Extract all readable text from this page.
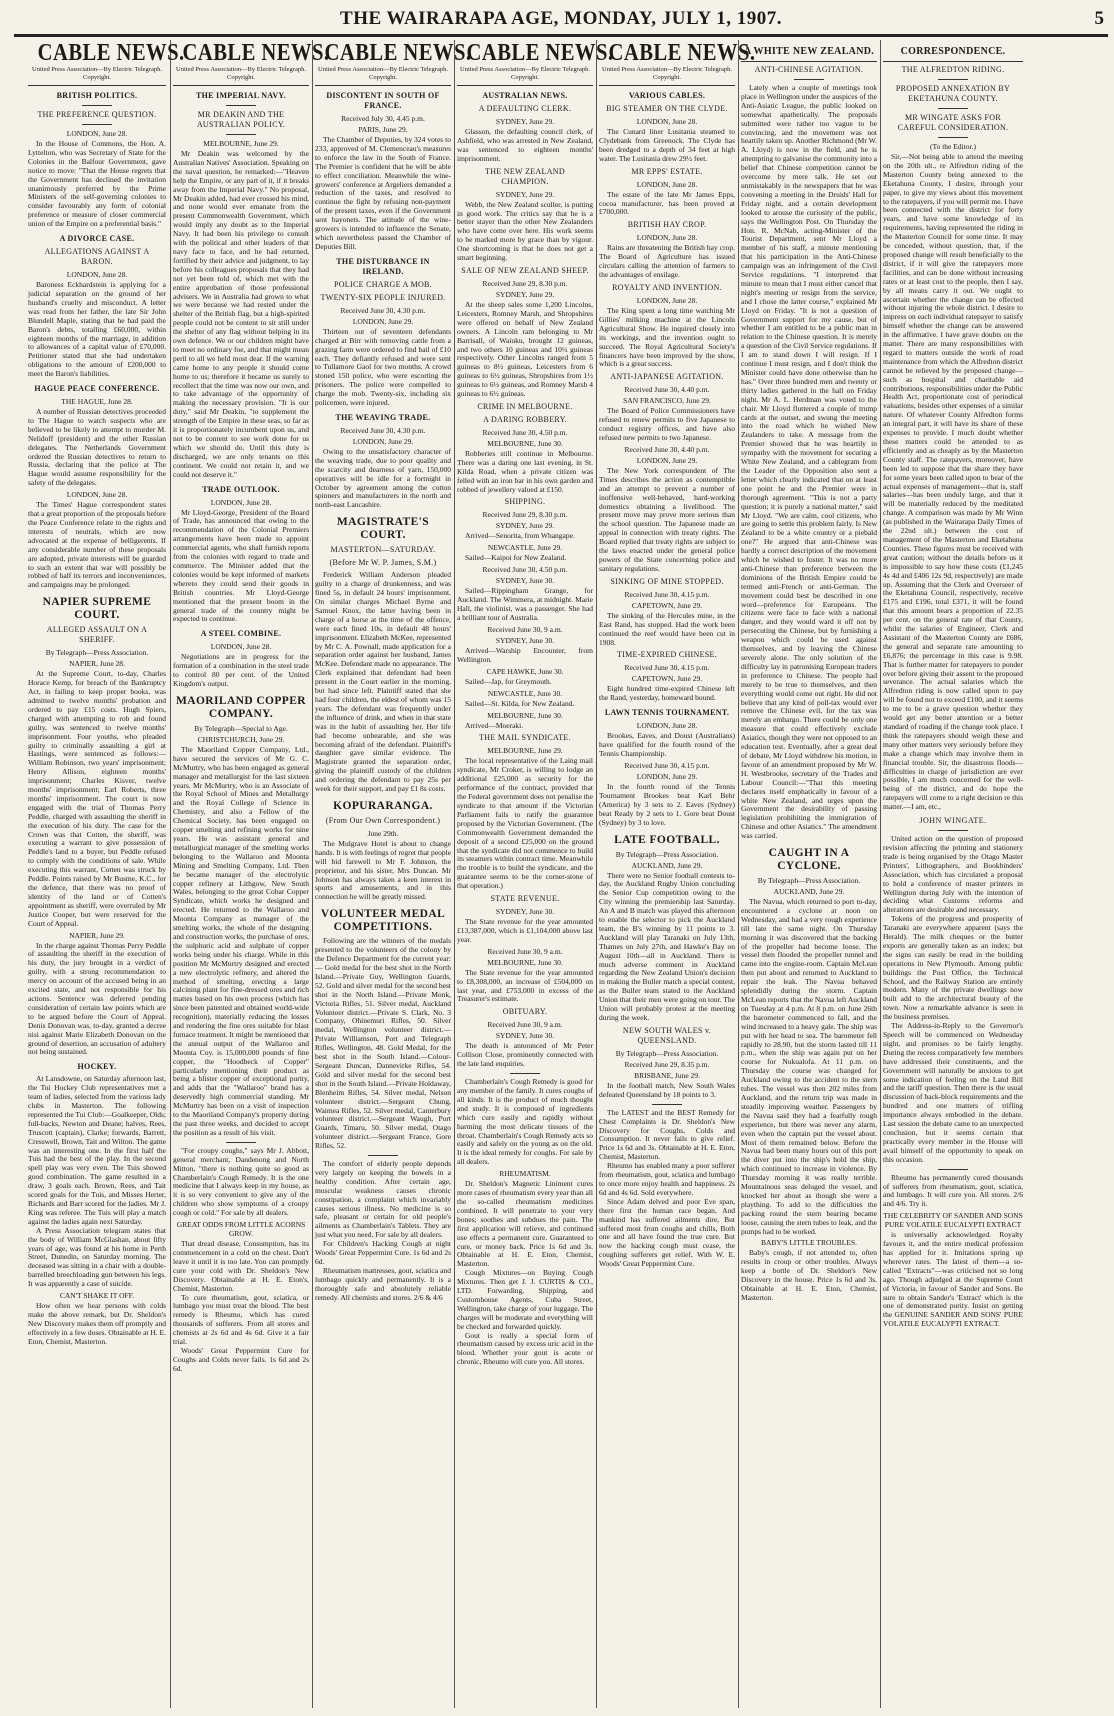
THE WAIRARAPA AGE, MONDAY, JULY 1, 1907.	5
CABLE NEWS.
United Press Association—By Electric Telegraph. Copyright.
BRITISH POLITICS.
THE PREFERENCE QUESTION.
LONDON, June 28.

In the House of Commons, the Hon. A. Lyttelton, who was Secretary of State for the Colonies in the Balfour Government, gave notice to move: "That the House regrets that the Government has declined the invitation unanimously preferred by the Prime Ministers of the self-governing colonies to consider favourably any form of colonial preference or measure of closer commercial union of the Empire on a preferential basis."

A DIVORCE CASE.
ALLEGATIONS AGAINST A BARON.
LONDON, June 28.

Baroness Eckhardstein is applying for a judicial separation on the ground of her husband's cruelty and misconduct. A letter was read from her father, the late Sir John Blundell Maple, stating that he had paid the Baron's debts, totalling £60,000, within eighteen months of the marriage, in addition to allowances of a capital value of £70,000. Petitioner stated that she had undertaken obligations to the amount of £200,000 to meet the Baron's liabilities.

HAGUE PEACE CONFERENCE.
THE HAGUE, June 28.

A number of Russian detectives proceeded to The Hague to watch suspects who are believed to be likely to attempt to murder M. Nelidoff (president) and the other Russian delegates. The Netherlands Government ordered the Russian detectives to return to Russia, declaring that the police at The Hague would assume responsibility for the safety of the delegates.

LONDON, June 28.

The Times' Hague correspondent states that a great proportion of the proposals before the Peace Conference relate to the rights and interests of neutrals, which are now advocated at the expense of belligerents. If any considerable number of these proposals are adopted, private interests will be guarded to such an extent that war will possibly be robbed of half its terrors and inconveniences, and campaigns may be prolonged.

NAPIER SUPREME COURT.
ALLEGED ASSAULT ON A SHERIFF.
By Telegraph—Press Association.
NAPIER, June 28.

At the Supreme Court, to-day, Charles Horace Kemp, for breach of the Bankruptcy Act, in failing to keep proper books, was admitted to twelve months' probation and ordered to pay £15 costs. Hugh Spiers, charged with attempting to rob and found guilty, was sentenced to twelve months' imprisonment. Four youths, who pleaded guilty to criminally assaulting a girl at Hastings, were sentenced as follows:—William Robinson, two years' imprisonment; Henry Allison, eighteen months' imprisonment; Charles Kisver, twelve months' imprisonment; Earl Roberts, three months' imprisonment. The court is now engaged with the trial of Thomas Perry Peddle, charged with assaulting the sheriff in the execution of his duty. The case for the Crown was that Cotten, the sheriff, was executing a warrant to give possession of Peddle's land to a buyer, but Peddle refused to comply with the conditions of sale. While executing this warrant, Cotten was struck by Peddle. Points raised by Mr Busme, K.C., for the defence, that there was no proof of identity of the land or of Cotten's appointment as sheriff, were overruled by Mr Justice Cooper, but were reserved for the Court of Appeal.

NAPIER, June 29.

In the charge against Thomas Perry Peddle of assaulting the sheriff in the execution of his duty, the jury brought in a verdict of guilty, with a strong recommendation to mercy on account of the accused being in an excited state, and not responsible for his actions. Sentence was deferred pending consideration of certain law points which are to be argued before the Court of Appeal. Denis Donovan was, to-day, granted a decree nisi against Marie Elizabeth Donovan on the ground of desertion, an accusation of adultery not being sustained.

HOCKEY.

At Lansdowne, on Saturday afternoon last, the Tui Hockey Club representatives met a team of ladies, selected from the various lady clubs in Masterton. The following represented the Tui Club:—Goalkeeper, Olds; full-backs, Newton and Deane; halves, Rees, Truscott (captain), Clarke; forwards, Barrett, Cresswell, Brown, Tait and Wilton. The game was an interesting one. In the first half the Tuis had the best of the play. In the second spell play was very even. The Tuis showed good combination. The game resulted in a draw, 3 goals each. Brown, Rees, and Tait scored goals for the Tuis, and Misses Herter, Richards and Barr scored for the ladies. Mr J. King was referee. The Tuis will play a match against the ladies again next Saturday.

A Press Association telegram states that the body of William McGlashan, about fifty years of age, was found at his home in Perth Street, Dunedin, on Saturday morning. The deceased was sitting in a chair with a double-barrelled breechloading gun between his legs. It was apparently a case of suicide.

CAN'T SHAKE IT OFF.

How often we hear persons with colds make the above remark, but Dr. Sheldon's New Discovery makes them off promptly and effectively in a few doses. Obtainable at H. E. Eton, Chemist, Masterton.

CABLE NEWS.
United Press Association—By Electric Telegraph. Copyright.
THE IMPERIAL NAVY.
MR DEAKIN AND THE AUSTRALIAN POLICY.
MELBOURNE, June 29.

Mr Deakin was welcomed by the Australian Natives' Association. Speaking on the naval question, he remarked:—"Heaven help the Empire, or any part of it, if it breaks away from the Imperial Navy." No proposal, Mr Deakin added, had ever crossed his mind, and none would ever emanate from the present Commonwealth Government, which would imply any doubt as to the Imperial Navy. It had been his privilege to consult with the political and other leaders of that navy face to face, and he had returned, fortified by their advice and judgment, to lay before his colleagues proposals that they had not yet been told of, which met with the entire approbation of those professional advisers. We in Australia had grown to what we were because we had rested under the shelter of the British flag, but a high-spirited people could not be content to sit still under the shelter of any flag without helping in its own defence. We or our children might have to meet no ordinary foe, and that might mean peril to all we held most dear. If the warning came home to any people it should come home to us; therefore it became us surely to recollect that the time was now our own, and to take advantage of the opportunity of making the necessary provision. "It is our duty," said Mr Deakin, "to supplement the strength of the Empire in these seas, so far as it is proportionately incumbent upon us, and not to be content to see work done for us which we should do. Until this duty is discharged, we are only tenants on this continent. We could not retain it, and we could not deserve it."

TRADE OUTLOOK.
LONDON, June 28.

Mr Lloyd-George, President of the Board of Trade, has announced that owing to the recommendation of the Colonial Premiers arrangements have been made to appoint commercial agents, who shall furnish reports from the colonies with regard to trade and commerce. The Minister added that the colonies would be kept informed of markets whereto they could send their goods in British countries. Mr Lloyd-George mentioned that the present boom in the general trade of the country might be expected to continue.

A STEEL COMBINE.
LONDON, June 28.

Negotiations are in progress for the formation of a combination in the steel trade to control 80 per cent. of the United Kingdom's output.

MAORILAND COPPER COMPANY.
By Telegraph—Special to Age.
CHRISTCHURCH, June 29.

The Maoriland Copper Company, Ltd., have secured the services of Mr G. C. McMurtry, who has been engaged as general manager and metallurgist for the last sixteen years. Mr McMurtry, who is an Associate of the Royal School of Mines and Metallurgy and the Royal College of Science in Chemistry, and also a Fellow of the Chemical Society, has been engaged on copper smelting and refining works for nine years. He was assistant general and metallurgical manager of the smelting works belonging to the Wallaroo and Moonta Mining and Smelting Company, Ltd. Then he became manager of the electrolytic copper refinery at Lithgow, New South Wales, belonging to the great Cobar Copper Syndicate, which works he designed and erected. He returned to the Wallaroo and Moonta Company as manager of the smelting works, the whole of the designing and construction works, the purchase of ores, the sulphuric acid and sulphate of copper works being under his charge. While in this position Mr McMurtry designed and erected a new electrolytic refinery, and altered the method of smelting, erecting a large calcining plant for fine-dressed ores and rich mattes based on his own process (which has since been patented and obtained world-wide recognition), materially reducing the losses and rendering the fine ores suitable for blast furnace treatment. It might be mentioned that the annual output of the Wallaroo and Moonta Coy. is 15,000,000 pounds of fine copper, the "Hoodbeck of Copper" particularly mentioning their product as being a blister copper of exceptional purity, and adds that the "Wallaroo" brand has a deservedly high commercial standing. Mr McMurtry has been on a visit of inspection to the Maoriland Company's property during the past three weeks, and decided to accept the position as a result of his visit.

"For croupy coughs," says Mr J. Abbott, general merchant, Dandenong and North Mitton, "there is nothing quite so good as Chamberlain's Cough Remedy. It is the one medicine that I always keep in my house, as it is so very convenient to give any of the children who show symptoms of a croupy cough or cold." For sale by all dealers.

GREAT ODDS FROM LITTLE ACORNS GROW.

That dread disease, Consumption, has its commencement in a cold on the chest. Don't leave it until it is too late. You can promptly cure your cold with Dr. Sheldon's New Discovery. Obtainable at H. E. Eton's, Chemist, Masterton.

To cure rheumatism, gout, sciatica, or lumbago you must treat the blood. The best remedy is Rheumo, which has cured thousands of sufferers. From all stores and chemists at 2s 6d and 4s 6d. Give it a fair trial.

Woods' Great Peppermint Cure for Coughs and Colds never fails. 1s 6d and 2s 6d.

CABLE NEWS.
United Press Association—By Electric Telegraph. Copyright.
DISCONTENT IN SOUTH OF FRANCE.
Received July 30, 4.45 p.m.
PARIS, June 29.

The Chamber of Deputies, by 324 votes to 233, approved of M. Clemenceau's measures to enforce the law in the South of France. The Premier is confident that he will be able to effect conciliation. Meanwhile the wine-growers' conference at Argeliers demanded a reduction of the taxes, and resolved to continue the fight by refusing non-payment of the present taxes, even if the Government sent bayonets. The attitude of the wine-growers is intended to influence the Senate, which nevertheless passed the Chamber of Deputies Bill.

THE DISTURBANCE IN IRELAND.
POLICE CHARGE A MOB.
TWENTY-SIX PEOPLE INJURED.
Received June 30, 4.30 p.m.
LONDON, June 29.

Thirteen out of seventeen defendants charged at Birr with removing cattle from a grazing farm were ordered to find bail of £10 each. They defiantly refused and were sent to Tullamore Gaol for two months. A crowd stoned 150 police, who were escorting the prisoners. The police were compelled to charge the mob. Twenty-six, including six policemen, were injured.

THE WEAVING TRADE.
Received June 30, 4.30 p.m.
LONDON, June 29.

Owing to the unsatisfactory character of the weaving trade, due to poor quality and the scarcity and dearness of yarn, 150,000 operatives will be idle for a fortnight in October by agreement among the cotton spinners and manufacturers in the north and north-east Lancashire.

MAGISTRATE'S COURT.
MASTERTON—SATURDAY.
(Before Mr W. P. James, S.M.)

Frederick William Anderson pleaded guilty to a charge of drunkenness, and was fined 5s, in default 24 hours' imprisonment. On similar charges Michael Byrne and Samuel Knox, the latter having been in charge of a horse at the time of the offence, were each fined 10s, in default 48 hours' imprisonment. Elizabeth McKee, represented by Mr C. A. Pownall, made application for a separation order against her husband, James McKee. Defendant made no appearance. The Clerk explained that defendant had been present in the Court earlier in the morning, but had since left. Plaintiff stated that she had four children, the eldest of whom was 15 years. The defendant was frequently under the influence of drink, and when in that state was in the habit of assaulting her. Her life had become unbearable, and she was becoming afraid of the defendant. Plaintiff's daughter gave similar evidence. The Magistrate granted the separation order, giving the plaintiff custody of the children and ordering the defendant to pay 25s per week for their support, and pay £1 8s costs.

KOPURARANGA.
(From Our Own Correspondent.)
June 29th.

The Mulgrave Hotel is about to change hands. It is with feelings of regret that people will bid farewell to Mr F. Johnson, the proprietor, and his sister, Mrs Duncan. Mr Johnson has always taken a keen interest in sports and amusements, and in this connection he will be greatly missed.

VOLUNTEER MEDAL COMPETITIONS.

Following are the winners of the medals presented to the volunteers of the colony by the Defence Department for the current year:— Gold medal for the best shot in the North Island.—Private Guy, Wellington Guards, 52. Gold and silver medal for the second best shot in the North Island.—Private Monk, Victoria Rifles, 51. Silver medal, Auckland Volunteer district.—Private S. Clark, No. 3 Company, Ohinemuri Rifles, 50. Silver medal, Wellington volunteer district.—Private Williamson, Port and Telegraph Rifles, Wellington, 48. Gold Medal, for the best shot in the South Island.—Colour-Sergeant Duncan, Dannevirke Rifles, 54. Gold and silver medal for the second best shot in the South Island.—Private Holdaway, Blenheim Rifles, 54. Silver medal, Nelson volunteer district.—Sergeant Chung, Waimea Rifles, 52. Silver medal, Canterbury volunteer district.—Sergeant Waugh, Port Guards, Timaru, 50. Silver medal, Otago volunteer district.—Sergeant France, Gore Rifles, 52.

The comfort of elderly people depends very largely on keeping the bowels in a healthy condition. After certain age, muscular weakness causes chronic constipation, a complaint which invariably causes serious illness. No medicine is so safe, pleasant or certain for old people's ailments as Chamberlain's Tablets. They are just what you need. For sale by all dealers.

For Children's Hacking Cough at night Woods' Great Peppermint Cure. 1s 6d and 2s 6d.

Rheumatism mattresses, gout, sciatica and lumbago quickly and permanently. It is a thoroughly safe and absolutely reliable remedy. All chemists and stores. 2/6 & 4/6

CABLE NEWS.
United Press Association—By Electric Telegraph. Copyright.
AUSTRALIAN NEWS.
A DEFAULTING CLERK.
SYDNEY, June 29.

Glasson, the defaulting council clerk, of Ashfield, who was arrested in New Zealand, was sentenced to eighteen months' imprisonment.

THE NEW ZEALAND CHAMPION.
SYDNEY, June 29.

Webb, the New Zealand sculler, is putting in good work. The critics say that he is a better stayer than the other New Zealanders who have come over here. His work seems to be marked more by grace than by vigour. One shortcoming is that he does not get a smart beginning.

SALE OF NEW ZEALAND SHEEP.
Received June 29, 8.30 p.m.
SYDNEY, June 29.

At the sheep sales some 1,200 Lincolns, Leicesters, Romney Marsh, and Shropshires were offered on behalf of New Zealand owners. A Lincoln ram belonging to Mr Barrisall, of Waiuku, brought 12 guineas, and two others 10 guineas and 10½ guineas respectively. Other Lincolns ranged from 5 guineas to 8½ guineas, Leicesters from 6 guineas to 6½ guineas, Shropshires from 1½ guineas to 6½ guineas, and Romney Marsh 4 guineas to 6½ guineas.

CRIME IN MELBOURNE.
A DARING ROBBERY.
Received June 30, 4.50 p.m.
MELBOURNE, June 30.

Robberies still continue in Melbourne. There was a daring one last evening, in St. Kilda Road, when a private citizen was felled with an iron bar in his own garden and robbed of jewellery valued at £150.

SHIPPING.
Received June 29, 8.30 p.m.
SYDNEY, June 29.

Arrived—Senorita, from Whangape.

NEWCASTLE, June 29.

Sailed—Kaipoi for New Zealand.

Received June 30, 4.50 p.m.
SYDNEY, June 30.

Sailed—Rippingham Grange, for Auckland. The Wimmera, at midnight. Marie Hall, the violinist, was a passenger. She had a brilliant tour of Australia.

Received June 30, 9 a.m.
SYDNEY, June 30.

Arrived—Warship Encounter, from Wellington.

CAPE HAWKE, June 30.

Sailed—Jap, for Greymouth.

NEWCASTLE, June 30.

Sailed—St. Kilda, for New Zealand.

MELBOURNE, June 30.

Arrived—Moeraki.

THE MAIL SYNDICATE.
MELBOURNE, June 29.

The local representative of the Laing mail syndicate, Mr Croker, is willing to lodge an additional £25,000 as security for the performance of the contract, provided that the Federal government does not penalise the syndicate to that amount if the Victorian Parliament fails to ratify the guarantee proposed by the Victorian Government. (The Commonwealth Government demanded the deposit of a second £25,000 on the ground that the syndicate did not commence to build its steamers within contract time. Meanwhile the trouble is to build the syndicate, and the guarantee seems to be the corner-stone of that operation.)

STATE REVENUE.
SYDNEY, June 30.

The State revenue for the year amounted £13,387,000, which is £1,104,000 above last year.

Received June 30, 9 a.m.
MELBOURNE, June 30.

The State revenue for the year amounted to £8,308,000, an increase of £504,000 on last year, and £753,000 in excess of the Treasurer's estimate.

OBITUARY.
Received June 30, 9 a.m.
SYDNEY, June 30.

The death is announced of Mr Peter Collison Close, prominently connected with the late land enquiries.

Chamberlain's Cough Remedy is good for any member of the family. It cures coughs of all kinds. It is the product of much thought and study. It is composed of ingredients which cure easily and rapidly without harming the most delicate tissues of the throat. Chamberlain's Cough Remedy acts so easily and safely on the young as on the old. It is the ideal remedy for coughs. For sale by all dealers.

RHEUMATISM.

Dr. Sheldon's Magnetic Liniment cures more cases of rheumatism every year than all the so-called rheumatism medicines combined. It will penetrate to your very bones; soothes and subdues the pain. The first application will relieve, and continued use effects a permanent cure. Guaranteed to cure, or money back. Price 1s 6d and 3s. Obtainable at H. E. Eton, Chemist, Masterton.

Cough Mixtures—on Buying Cough Mixtures. Then get J. J. CURTIS & CO., LTD. Forwarding, Shipping, and Customhouse Agents, Cuba Street, Wellington, take charge of your luggage. The charges will be moderate and everything will be checked and forwarded quickly.

Gout is really a special form of rheumatism caused by excess uric acid in the blood. Whether your gout is acute or chronic, Rheumo will cure you. All stores.

CABLE NEWS.
United Press Association—By Electric Telegraph. Copyright.
VARIOUS CABLES.
BIG STEAMER ON THE CLYDE.
LONDON, June 28.

The Cunard liner Lusitania steamed to Clydebank from Greenock. The Clyde has been dredged to a depth of 34 feet at high water. The Lusitania drew 29½ feet.

MR EPPS' ESTATE.
LONDON, June 28.

The estate of the late Mr James Epps, cocoa manufacturer, has been proved at £700,000.

BRITISH HAY CROP.
LONDON, June 28.

Rains are threatening the British hay crop. The Board of Agriculture has issued circulars calling the attention of farmers to the advantages of ensilage.

ROYALTY AND INVENTION.
LONDON, June 28.

The King spent a long time watching Mr Gillies' milking machine at the Lincoln Agricultural Show. He inquired closely into its workings, and the invention ought to succeed. The Royal Agricultural Society's financers have been improved by the show, which is a great success.

ANTI-JAPANESE AGITATION.
Received June 30, 4.40 p.m.
SAN FRANCISCO, June 29.

The Board of Police Commissioners have refused to renew permits to five Japanese to conduct registry offices, and have also refused new permits to two Japanese.

Received June 30, 4.40 p.m.
LONDON, June 29.

The New York correspondent of The Times describes the action as contemptible and an attempt to prevent a number of inoffensive well-behaved, hard-working domestics obtaining a livelihood. The present move may prove more serious than the school question. The Japanese made an appeal in connection with treaty rights. The Board replied that treaty rights are subject to the laws enacted under the general police powers of the State concerning police and sanitary regulations.

SINKING OF MINE STOPPED.
Received June 30, 4.15 p.m.
CAPETOWN, June 29.

The sinking of the Hercules mine, in the East Rand, has stopped. Had the work been continued the reef would have been cut in 1908.

TIME-EXPIRED CHINESE.
Received June 30, 4.15 p.m.
CAPETOWN, June 29.

Eight hundred time-expired Chinese left the Rand, yesterday, homeward bound.

LAWN TENNIS TOURNAMENT.
LONDON, June 28.

Brookes, Eaves, and Doust (Australians) have qualified for the fourth round of the Tennis Championship.

Received June 30, 4.15 p.m.
LONDON, June 29.

In the fourth round of the Tennis Tournament Brookes beat Karl Behr (America) by 3 sets to 2. Eaves (Sydney) beat Ready by 2 sets to 1. Gore beat Doust (Sydney) by 3 to love.

LATE FOOTBALL.
By Telegraph—Press Association.
AUCKLAND, June 29.

There were no Senior football contests to-day, the Auckland Rugby Union concluding the Senior Cup competition owing to the City winning the premiership last Saturday. An A and B match was played this afternoon to enable the selector to pick the Auckland team, the B's winning by 11 points to 3. Auckland will play Taranaki on July 13th, Thames on July 27th, and Hawke's Bay on August 10th—all in Auckland. There is much adverse comment in Auckland regarding the New Zealand Union's decision in making the Buller match a special contest, as the Buller team stated to the Auckland Union that their men were going on tour. The Union will probably protest at the meeting during the week.

NEW SOUTH WALES v. QUEENSLAND.
By Telegraph—Press Association.
Received June 29, 8.35 p.m.
BRISBANE, June 29.

In the football match, New South Wales defeated Queensland by 18 points to 3.

The LATEST and the BEST Remedy for Chest Complaints is Dr. Sheldon's New Discovery for Coughs, Colds and Consumption. It never fails to give relief. Price 1s 6d and 3s. Obtainable at H. E. Eton, Chemist, Masterton.

Rheumo has enabled many a poor sufferer from rheumatism, gout, sciatica and lumbago to once more enjoy health and happiness. 2s 6d and 4s 6d. Sold everywhere.

Since Adam delved and poor Eve span, there first the human race began, And mankind has suffered ailments dire, But suffered most from coughs and chills, Both one and all have found the true cure. But now the hacking cough must cease, the coughing sufferers get relief, With W. E. Woods' Great Peppermint Cure.

A WHITE NEW ZEALAND.
ANTI-CHINESE AGITATION.

Lately when a couple of meetings took place in Wellington under the auspices of the Anti-Asiatic League, the public looked on somewhat apathetically. The proposals submitted were rather too vague to be convincing, and the movement was not heartily taken up. Another Richmond (Mr W. A. Lloyd) is now in the field, and he is attempting to galvanise the community into a belief that Chinese competition cannot be overcome by mere talk. He set out unmistakably in the newspapers that he was convening a meeting in the Druids' Hall for Friday night, and a certain development looked to arouse the curiosity of the public, says the Wellington Post. On Thursday the Hon. R. McNab, acting-Minister of the Tourist Department, sent Mr Lloyd a member of his staff, a minute mentioning that his participation in the Anti-Chinese campaign was an infringement of the Civil Service regulations. "I interpreted that minute to mean that I must either cancel that night's meeting or resign from the service, and I chose the latter course," explained Mr Lloyd on Friday. "It is not a question of Government support for my cause, but of whether I am entitled to be a public man in relation to the Chinese question. It is merely a question of the Civil Service regulations. If I am to stand down I will resign. If I continue I must resign, and I don't think the Minister could have done otherwise than he has." Over three hundred men and twenty or thirty ladies gathered in the hall on Friday night. Mr A. L. Herdman was voted to the chair. Mr Lloyd fluttered a couple of trump cards at the outset, and swung the meeting into the road which he wished New Zealanders to take. A message from the Premier showed that he was heartily in sympathy with the movement for securing a White New Zealand, and a cablegram from the Leader of the Opposition also sent a letter which clearly indicated that on at least one point he and the Premier were in thorough agreement. "This is not a party question; it is purely a national matter," said Mr Lloyd. "We are calm, cool citizens, who are going to settle this problem fairly. Is New Zealand to be a white country or a piebald one?" He argued that anti-Chinese was hardly a correct description of the movement which he wished to foster. It was no more anti-Chinese than preference between the dominions of the British Empire could be termed anti-French or anti-German. The movement could best be described in one word—preference for Europeans. The citizens were face to face with a national danger, and they would ward it off not by persecuting the Chinese, but by furnishing a weapon which could be used against themselves, and by leaving the Chinese severely alone. The only solution of the difficulty lay in patronising European traders in preference to Chinese. The people had merely to be true to themselves, and then everything would come out right. He did not believe that any kind of poll-tax would ever remove the Chinese evil, for the tax was merely an embargo. There could be only one measure that could effectively exclude Asiatics, though they were not opposed to an education test. Eventually, after a great deal of debate, Mr Lloyd withdrew his motion, in favour of an amendment proposed by Mr W. H. Westbrooke, secretary of the Trades and Labour Council:—"That this meeting declares itself emphatically in favour of a white New Zealand, and urges upon the Government the desirability of passing legislation prohibiting the immigration of Chinese and other Asiatics." The amendment was carried.

CAUGHT IN A CYCLONE.
By Telegraph—Press Association.
AUCKLAND, June 29.

The Navua, which returned to port to-day, encountered a cyclone at noon on Wednesday, and had a very rough experience till late the same night. On Thursday morning it was discovered that the backing of the propeller had become loose. The vessel then flooded the propeller tunnel and came into the engine-room. Captain McLean then put about and returned to Auckland to repair the leak. The Navua behaved splendidly during the storm. Captain McLean reports that the Navua left Auckland on Tuesday at 4 p.m. At 8 p.m. on June 26th the barometer commenced to fall, and the wind increased to a heavy gale. The ship was put with her head to sea. The barometer fell rapidly to 28.90, but the storm lasted till 11 p.m., when the ship was again put on her course for Nukualofa. At 11 p.m. on Thursday the course was changed for Auckland owing to the accident to the stern tubes. The vessel was then 202 miles from Auckland, and the return trip was made in steadily improving weather. Passengers by the Navua said they had a fearfully rough experience, but there was never any alarm, even when the captain put the vessel about. Most of them remained below. Before the Navua had been many hours out of this port the diver put into the ship's hold the ship, which continued to increase in violence. By Thursday morning it was really terrible. Mountainous seas deluged the vessel, and knocked her about as though she were a plaything. To add to the difficulties the packing round the stern bearing became loose, causing the stern tubes to leak, and the pumps had to be worked.

BABY'S LITTLE TROUBLES.

Baby's cough, if not attended to, often results in croup or other troubles. Always keep a bottle of Dr. Sheldon's New Discovery in the house. Price 1s 6d and 3s. Obtainable at H. E. Eton, Chemist, Masterton.

CORRESPONDENCE.
THE ALFREDTON RIDING.
PROPOSED ANNEXATION BY EKETAHUNA COUNTY.
MR WINGATE ASKS FOR CAREFUL CONSIDERATION.
(To the Editor.)

Sir,—Not being able to attend the meeting on the 20th ult., re Alfredton riding of the Masterton County being annexed to the Eketahuna County, I desire, through your paper, to give my views about this movement to the ratepayers, if you will permit me. I have been connected with the district for forty years, and have some knowledge of its requirements, having represented the riding in the Masterton Council for some time. It may be conceded, without question, that, if the proposed change will result beneficially to the district, if it will give the ratepayers more facilities, and can be done without increasing rates or at least cost to the people, then I say, by all means carry it out. We ought to ascertain whether the change can be effected without injuring the whole district. I desire to impress on each individual ratepayer to satisfy himself whether the change can be answered in the affirmative. I have grave doubts on the matter. There are many responsibilities with regard to matters outside the work of road maintenance from which the Alfredton district cannot be relieved by the proposed change—such as hospital and charitable aid contributions, responsibilities under the Public Health Act, proportionate cost of periodical valuations, besides other expenses of a similar nature. Of whatever County Alfredton forms an integral part, it will have its share of these expenses to provide. I much doubt whether these matters could be attended to as efficiently and as cheaply as by the Masterton County staff. The ratepayers, moreover, have been led to suppose that the share they have for some years been called upon to bear of the actual expenses of management—that is, staff salaries—has been unduly large, and that it will be materially reduced by the meditated change. A comparison was made by Mr Winn (as published in the Wairarapa Daily Times of the 22nd ult.) between the cost of management of the Masterton and Eketahuna Counties. These figures must be received with great caution; without the details before us it is impossible to say how these costs (£1,245 4s 4d and £406 12s 9d, respectively) are made up. Assuming that the Clerk and Overseer of the Eketahuna Council, respectively, receive £175 and £196, total £371, it will be found that this amount bears a proportion of 22.35 per cent. on the general rate of that County, whilst the salaries of Engineer, Clerk and Assistant of the Masterton County are £686, the general and separate rate amounting to £6,876; the percentage in this case is 9.98. That is further matter for ratepayers to ponder over before giving their assent to the proposed severance. The actual salaries which the Alfredton riding is now called upon to pay will be found not to exceed £100, and it seems to me to be a grave question whether they would get any better attention or a better standard of roading if the change took place. I think the ratepayers should weigh these and many other matters very seriously before they make a change which may involve them in financial trouble. Sir, the disastrous floods—difficulties in charge of jurisdiction are ever possible, I am much concerned for the well-being of the district, and do hope the ratepayers will come to a right decision re this matter.—I am, etc.,

JOHN WINGATE.

United action on the question of proposed revision affecting the printing and stationery trade is being organised by the Otago Master Printers', Lithographers, and Bookbinders' Association, which has circulated a proposal to hold a conference of master printers in Wellington during July with the intention of deciding what Customs reforms and alterations are desirable and necessary.

Tokens of the progress and prosperity of Taranaki are everywhere apparent (says the Herald). The milk cheques or the butter exports are generally taken as an index; but the signs can easily be read in the building operations in New Plymouth. Among public buildings the Post Office, the Technical School, and the Railway Station are entirely modern. Many of the private dwellings now built add to the architectural beauty of the town. Now a remarkable advance is seen in the business premises.

The Address-in-Reply to the Governor's Speech will be commenced on Wednesday night, and promises to be fairly lengthy. During the recess comparatively few members have addressed their constituents, and the Government will naturally be anxious to get some indication of feeling on the Land Bill and the tariff question. Then there is the usual discussion of back-block requirements and the hundred and one matters of trifling importance always embodied in the debate. Last session the debate came to an unexpected conclusion, but it seems certain that practically every member in the House will avail himself of the opportunity to speak on this occasion.

Rheumo has permanently cured thousands of sufferers from rheumatism, gout, sciatica, and lumbago. It will cure you. All stores. 2/6 and 4/6. Try it.

THE CELEBRITY OF SANDER AND SONS PURE VOLATILE EUCALYPTI EXTRACT

is universally acknowledged. Royalty favours it, and the entire medical profession has applied for it. Imitations spring up wherever rates. The latest of them—a so-called "Extracts"—was criticised not so long ago. Though adjudged at the Supreme Court of Victoria, in favour of Sander and Sons. Be sure to obtain Sander's 'Extract' which is the one of demonstrated purity. Insist on getting the GENUINE SANDER AND SONS' PURE VOLATILE EUCALYPTI EXTRACT.
